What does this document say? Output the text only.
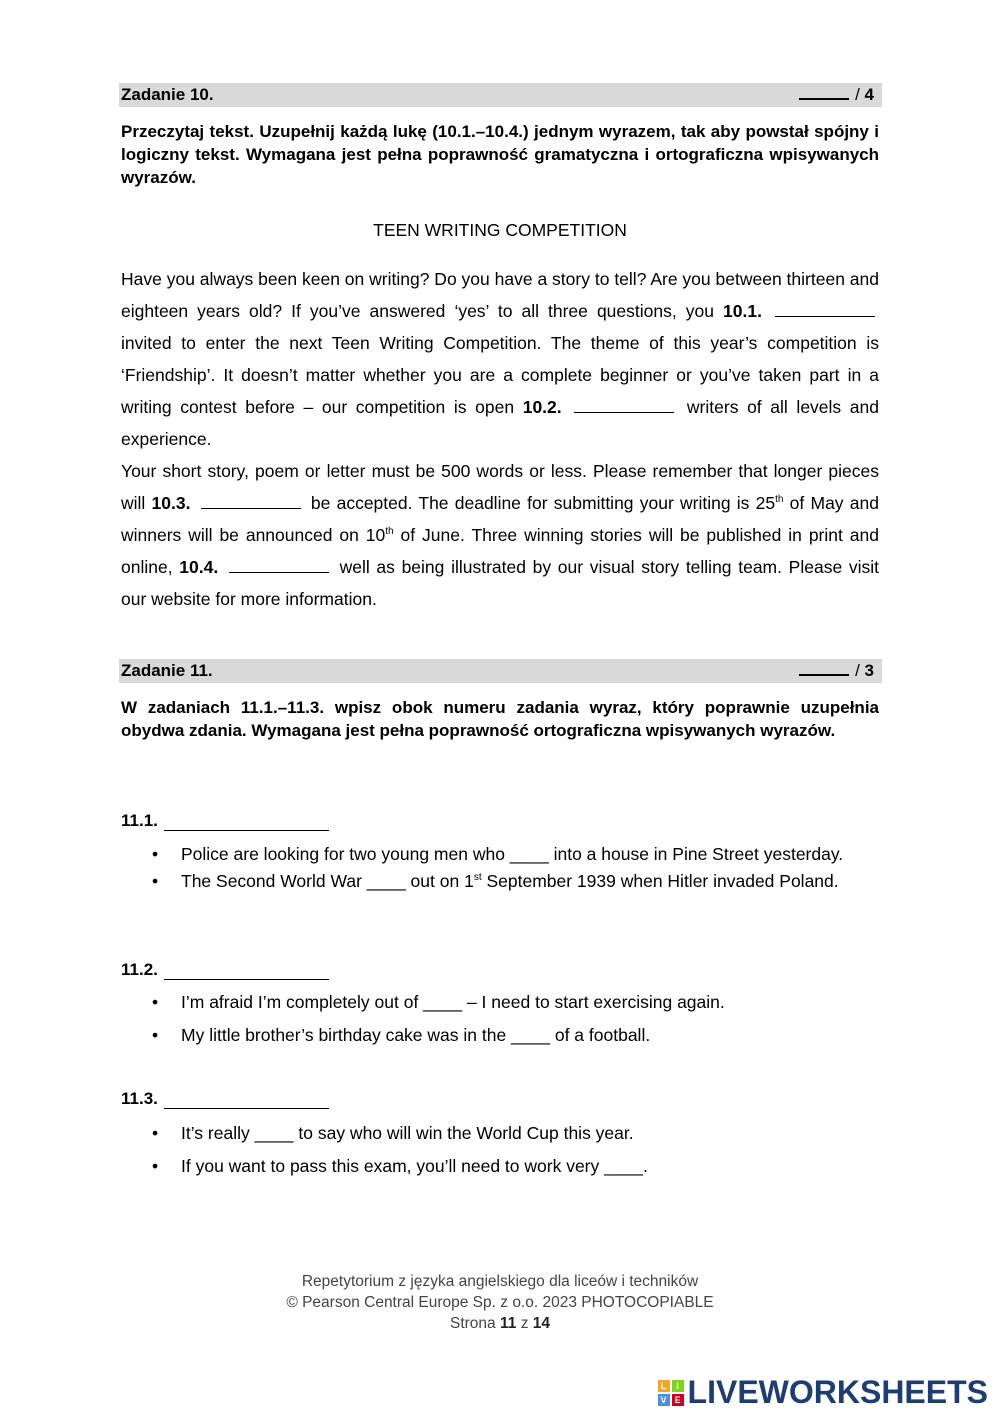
Zadanie 10.	/ 4
Przeczytaj tekst. Uzupełnij każdą lukę (10.1.–10.4.) jednym wyrazem, tak aby powstał spójny i logiczny tekst. Wymagana jest pełna poprawność gramatyczna i ortograficzna wpisywanych wyrazów.
TEEN WRITING COMPETITION

Have you always been keen on writing? Do you have a story to tell? Are you between thirteen and eighteen years old? If you’ve answered ‘yes’ to all three questions, you 10.1.  invited to enter the next Teen Writing Competition. The theme of this year’s competition is ‘Friendship’. It doesn’t matter whether you are a complete beginner or you’ve taken part in a writing contest before – our competition is open 10.2.	writers of all levels and experience.

Your short story, poem or letter must be 500 words or less. Please remember that longer pieces will 10.3.	be accepted. The deadline for submitting your writing is 25th of May and winners will be announced on 10th of June. Three winning stories will be published in print and online, 10.4.	well as being illustrated by our visual story telling team. Please visit our website for more information.

Zadanie 11.	/ 3
W zadaniach 11.1.–11.3. wpisz obok numeru zadania wyraz, który poprawnie uzupełnia obydwa zdania. Wymagana jest pełna poprawność ortograficzna wpisywanych wyrazów.
11.1.
• Police are looking for two young men who ____ into a house in Pine Street yesterday.
• The Second World War ____ out on 1st September 1939 when Hitler invaded Poland.
11.2.
• I’m afraid I’m completely out of ____ – I need to start exercising again.
• My little brother’s birthday cake was in the ____ of a football.
11.3.
• It’s really ____ to say who will win the World Cup this year.
• If you want to pass this exam, you’ll need to work very ____.
Repetytorium z języka angielskiego dla liceów i techników
© Pearson Central Europe Sp. z o.o. 2023 PHOTOCOPIABLE
Strona 11 z 14
L	I
V E LIVEWORKSHEETS
